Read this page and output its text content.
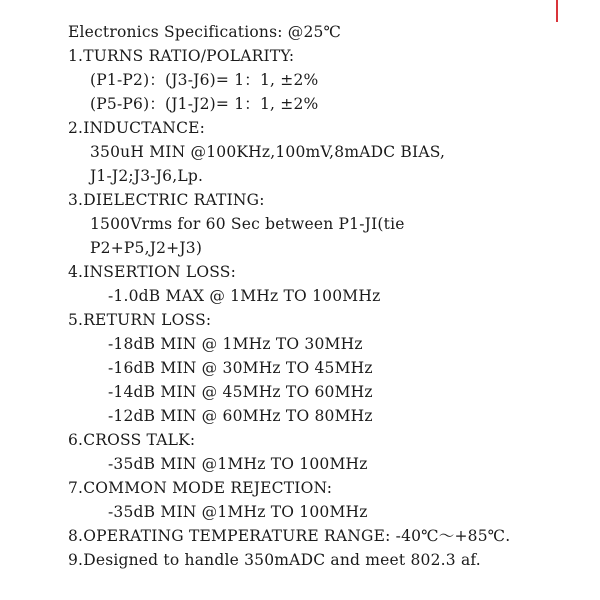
Electronics Specifications: @25℃
1.TURNS RATIO/POLARITY:
(P1-P2)：(J3-J6)= 1：1, ±2%
(P5-P6)：(J1-J2)= 1：1, ±2%
2.INDUCTANCE:
350uH MIN @100KHz,100mV,8mADC BIAS,
J1-J2;J3-J6,Lp.
3.DIELECTRIC RATING:
1500Vrms for 60 Sec between P1-JI(tie
P2+P5,J2+J3)
4.INSERTION LOSS:
-1.0dB MAX @ 1MHz TO 100MHz
5.RETURN LOSS:
-18dB MIN @ 1MHz TO 30MHz
-16dB MIN @ 30MHz TO 45MHz
-14dB MIN @ 45MHz TO 60MHz
-12dB MIN @ 60MHz TO 80MHz
6.CROSS TALK:
-35dB MIN @1MHz TO 100MHz
7.COMMON MODE REJECTION:
-35dB MIN @1MHz TO 100MHz
8.OPERATING TEMPERATURE RANGE: -40℃～+85℃.
9.Designed to handle 350mADC and meet 802.3 af.
